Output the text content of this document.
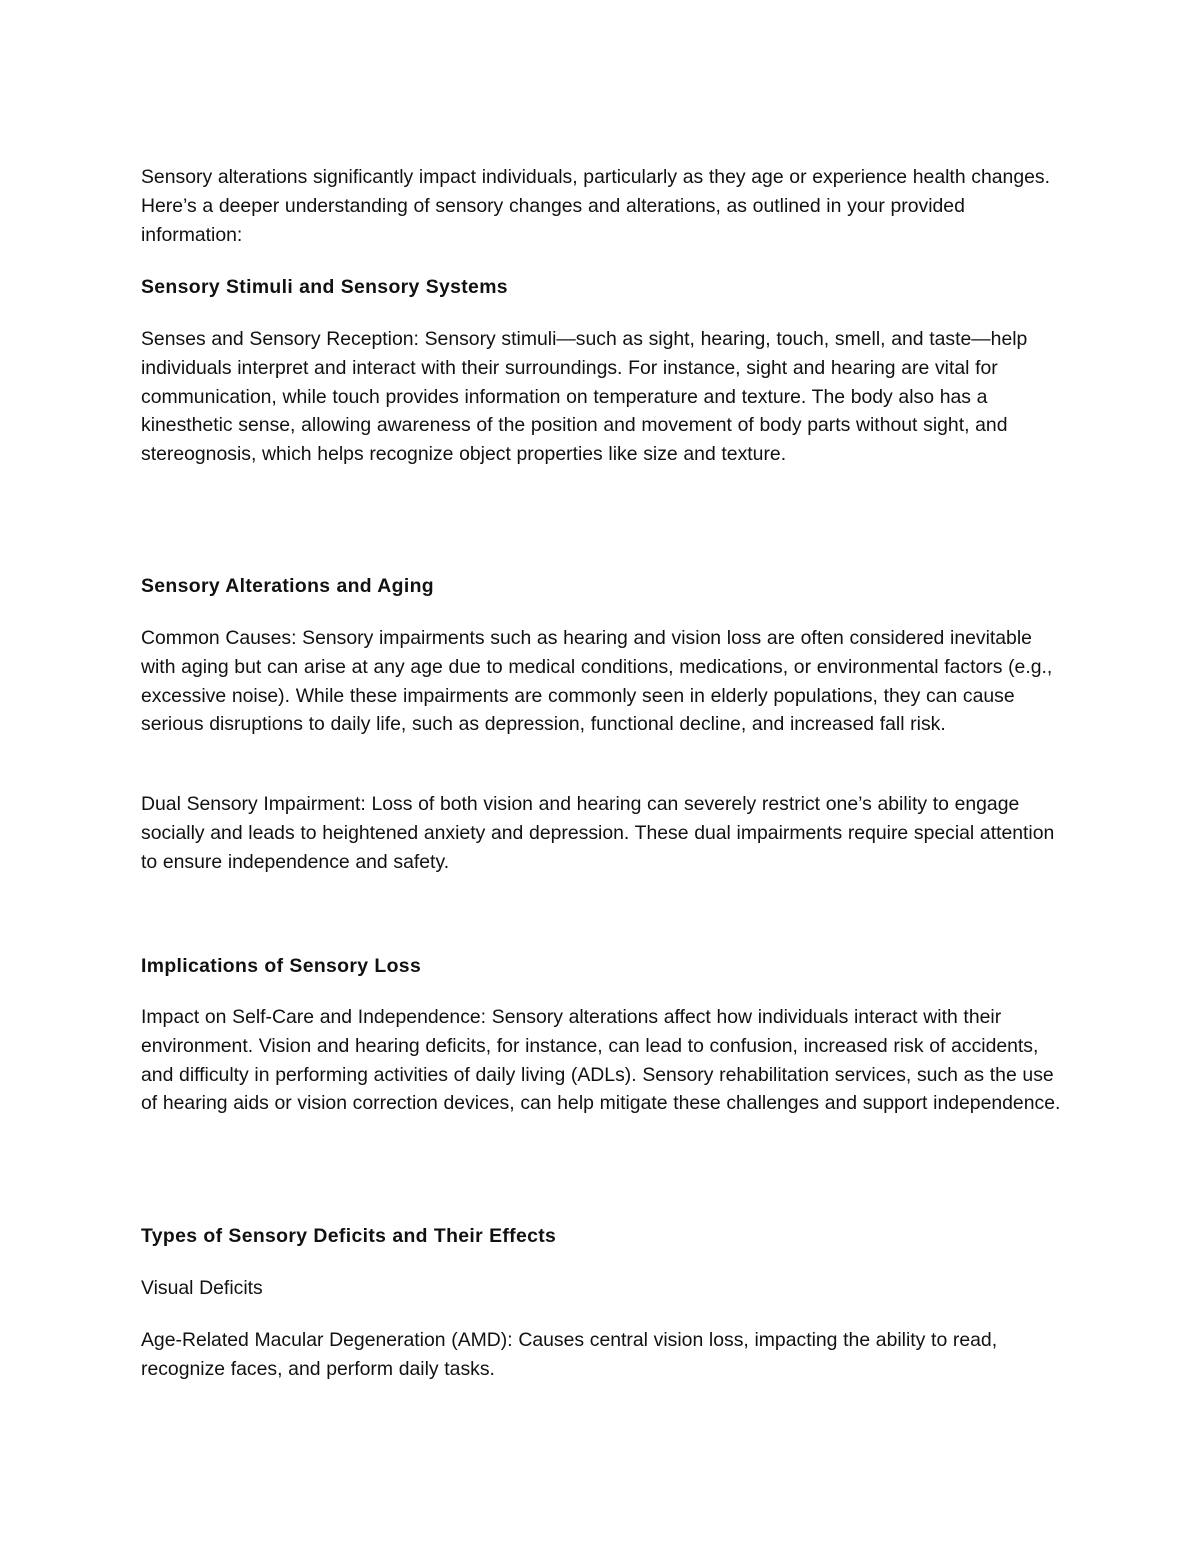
Sensory alterations significantly impact individuals, particularly as they age or experience health changes. Here’s a deeper understanding of sensory changes and alterations, as outlined in your provided information:

Sensory Stimuli and Sensory Systems

Senses and Sensory Reception: Sensory stimuli—such as sight, hearing, touch, smell, and taste—help individuals interpret and interact with their surroundings. For instance, sight and hearing are vital for communication, while touch provides information on temperature and texture. The body also has a kinesthetic sense, allowing awareness of the position and movement of body parts without sight, and stereognosis, which helps recognize object properties like size and texture.

Sensory Alterations and Aging

Common Causes: Sensory impairments such as hearing and vision loss are often considered inevitable with aging but can arise at any age due to medical conditions, medications, or environmental factors (e.g., excessive noise). While these impairments are commonly seen in elderly populations, they can cause serious disruptions to daily life, such as depression, functional decline, and increased fall risk.

Dual Sensory Impairment: Loss of both vision and hearing can severely restrict one’s ability to engage socially and leads to heightened anxiety and depression. These dual impairments require special attention to ensure independence and safety.

Implications of Sensory Loss

Impact on Self-Care and Independence: Sensory alterations affect how individuals interact with their environment. Vision and hearing deficits, for instance, can lead to confusion, increased risk of accidents, and difficulty in performing activities of daily living (ADLs). Sensory rehabilitation services, such as the use of hearing aids or vision correction devices, can help mitigate these challenges and support independence.

Types of Sensory Deficits and Their Effects

Visual Deficits

Age-Related Macular Degeneration (AMD): Causes central vision loss, impacting the ability to read, recognize faces, and perform daily tasks.
